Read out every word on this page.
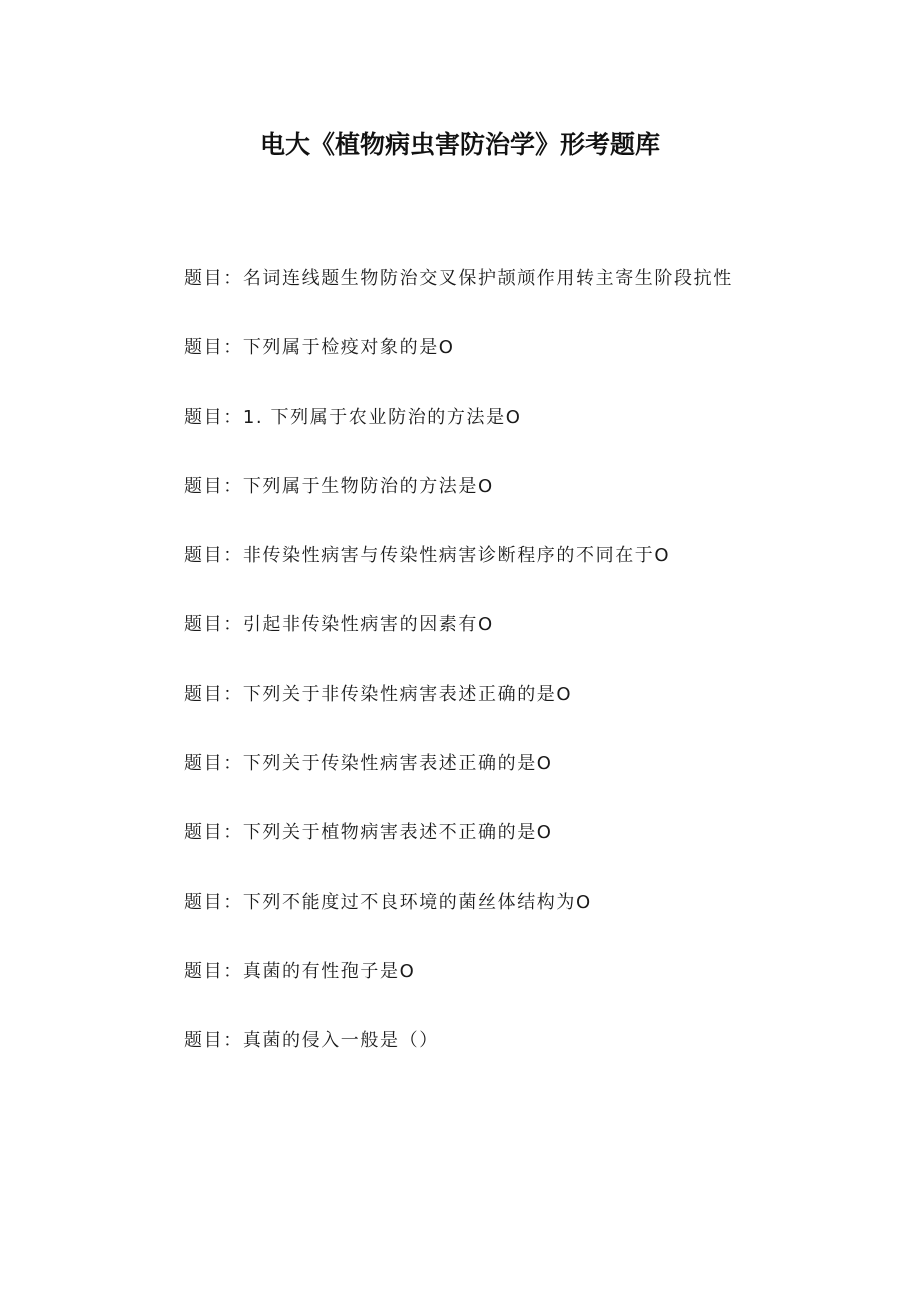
电大《植物病虫害防治学》形考题库
题目：名词连线题生物防治交叉保护颉颃作用转主寄生阶段抗性
题目：下列属于检疫对象的是O
题目：1. 下列属于农业防治的方法是O
题目：下列属于生物防治的方法是O
题目：非传染性病害与传染性病害诊断程序的不同在于O
题目：引起非传染性病害的因素有O
题目：下列关于非传染性病害表述正确的是O
题目：下列关于传染性病害表述正确的是O
题目：下列关于植物病害表述不正确的是O
题目：下列不能度过不良环境的菌丝体结构为O
题目：真菌的有性孢子是O
题目：真菌的侵入一般是（）
